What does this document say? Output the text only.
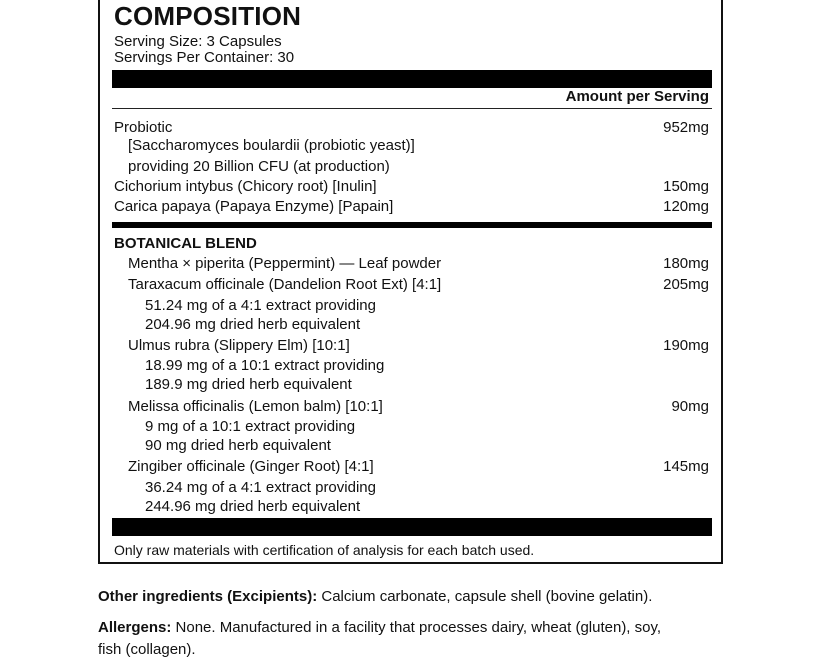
COMPOSITION
Serving Size: 3 Capsules
Servings Per Container: 30
Amount per Serving
Probiotic	952mg
[Saccharomyces boulardii (probiotic yeast)]
providing 20 Billion CFU (at production)
Cichorium intybus (Chicory root) [Inulin]	150mg
Carica papaya (Papaya Enzyme) [Papain]	120mg
BOTANICAL BLEND
Mentha × piperita (Peppermint) — Leaf powder	180mg
Taraxacum officinale (Dandelion Root Ext) [4:1]	205mg
51.24 mg of a 4:1 extract providing
204.96 mg dried herb equivalent
Ulmus rubra (Slippery Elm) [10:1]	190mg
18.99 mg of a 10:1 extract providing
189.9 mg dried herb equivalent
Melissa officinalis (Lemon balm) [10:1]	90mg
9 mg of a 10:1 extract providing
90 mg dried herb equivalent
Zingiber officinale (Ginger Root) [4:1]	145mg
36.24 mg of a 4:1 extract providing
244.96 mg dried herb equivalent
Only raw materials with certification of analysis for each batch used.
Other ingredients (Excipients): Calcium carbonate, capsule shell (bovine gelatin).
Allergens: None. Manufactured in a facility that processes dairy, wheat (gluten), soy, fish (collagen).
